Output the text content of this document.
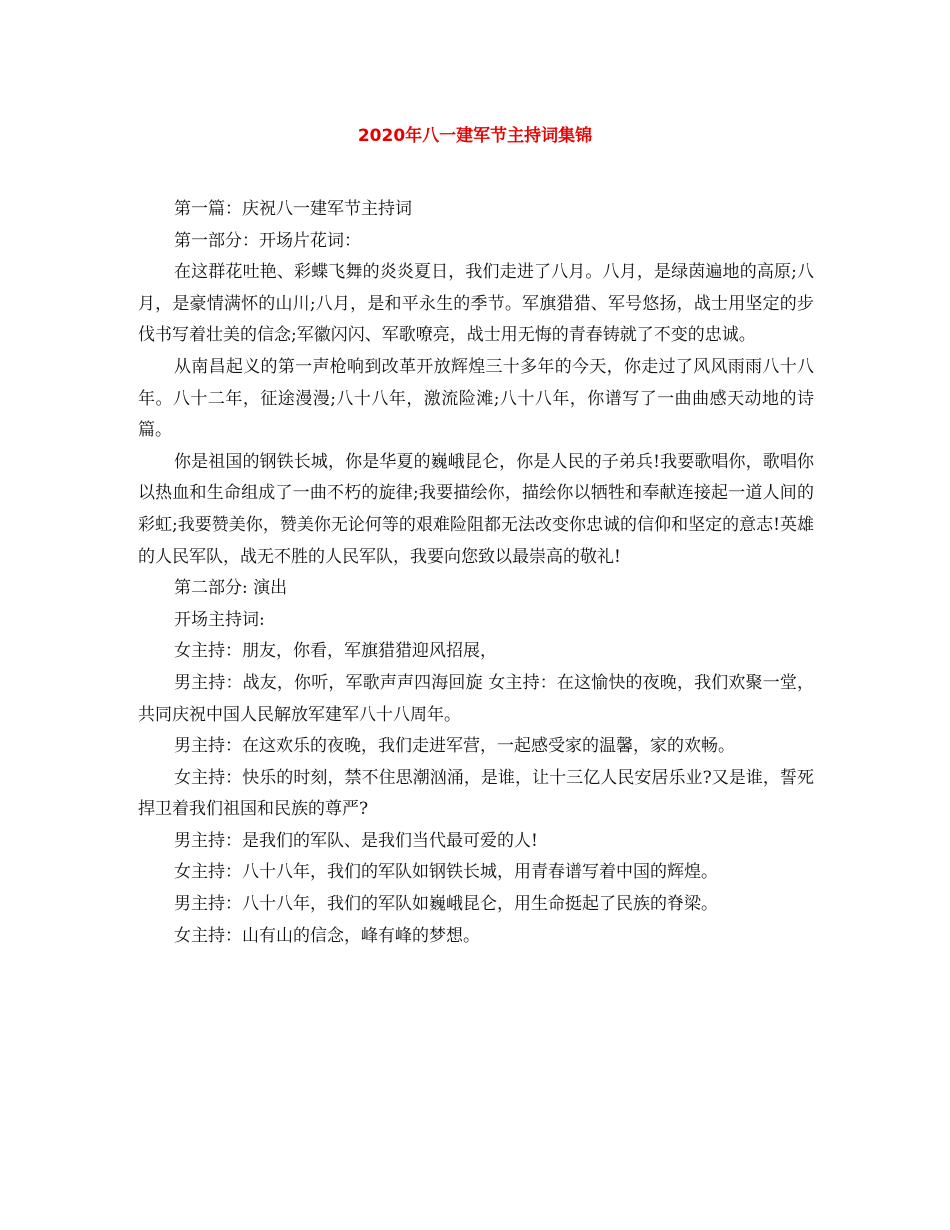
2020年八一建军节主持词集锦

第一篇：庆祝八一建军节主持词

第一部分：开场片花词：

在这群花吐艳、彩蝶飞舞的炎炎夏日，我们走进了八月。八月，是绿茵遍地的高原;八月，是豪情满怀的山川;八月，是和平永生的季节。军旗猎猎、军号悠扬，战士用坚定的步伐书写着壮美的信念;军徽闪闪、军歌嘹亮，战士用无悔的青春铸就了不变的忠诚。

从南昌起义的第一声枪响到改革开放辉煌三十多年的今天，你走过了风风雨雨八十八年。八十二年，征途漫漫;八十八年，激流险滩;八十八年，你谱写了一曲曲感天动地的诗篇。

你是祖国的钢铁长城，你是华夏的巍峨昆仑，你是人民的子弟兵!我要歌唱你，歌唱你以热血和生命组成了一曲不朽的旋律;我要描绘你，描绘你以牺牲和奉献连接起一道人间的彩虹;我要赞美你，赞美你无论何等的艰难险阻都无法改变你忠诚的信仰和坚定的意志!英雄的人民军队，战无不胜的人民军队，我要向您致以最崇高的敬礼!

第二部分: 演出

开场主持词:

女主持：朋友，你看，军旗猎猎迎风招展，

男主持：战友，你听，军歌声声四海回旋 女主持：在这愉快的夜晚，我们欢聚一堂，共同庆祝中国人民解放军建军八十八周年。

男主持：在这欢乐的夜晚，我们走进军营，一起感受家的温馨，家的欢畅。

女主持：快乐的时刻，禁不住思潮汹涌，是谁，让十三亿人民安居乐业?又是谁，誓死捍卫着我们祖国和民族的尊严?

男主持：是我们的军队、是我们当代最可爱的人!

女主持：八十八年，我们的军队如钢铁长城，用青春谱写着中国的辉煌。

男主持：八十八年，我们的军队如巍峨昆仑，用生命挺起了民族的脊梁。

女主持：山有山的信念，峰有峰的梦想。
